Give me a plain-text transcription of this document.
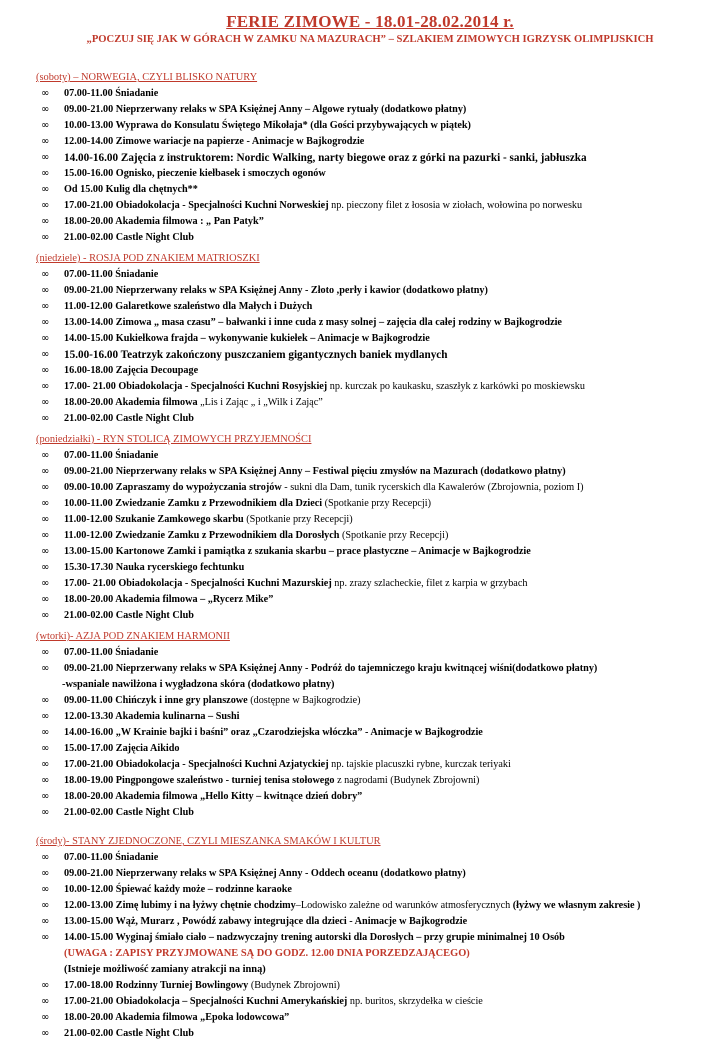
FERIE ZIMOWE - 18.01-28.02.2014 r.
„POCZUJ SIĘ JAK W GÓRACH W ZAMKU NA MAZURACH” – SZLAKIEM ZIMOWYCH IGRZYSK OLIMPIJSKICH
(soboty) – NORWEGIA, CZYLI BLISKO NATURY
∞ 07.00-11.00 Śniadanie
∞ 09.00-21.00 Nieprzerwany relaks w SPA Księżnej Anny – Algowe rytuały (dodatkowo płatny)
∞ 10.00-13.00 Wyprawa do Konsulatu Świętego Mikołaja* (dla Gości przybywających w piątek)
∞ 12.00-14.00 Zimowe wariacje na papierze - Animacje w Bajkogrodzie
∞ 14.00-16.00 Zajęcia z instruktorem: Nordic Walking, narty biegowe oraz z górki na pazurki - sanki, jabłuszka
∞ 15.00-16.00 Ognisko, pieczenie kiełbasek i smoczych ogonów
∞ Od 15.00 Kulig dla chętnych**
∞ 17.00-21.00 Obiadokolacja - Specjalności Kuchni Norweskiej np. pieczony filet z łososia w ziołach, wołowina po norwesku
∞ 18.00-20.00 Akademia filmowa : „ Pan Patyk”
∞ 21.00-02.00 Castle Night Club
(niedziele) - ROSJA POD ZNAKIEM MATRIOSZKI
∞ 07.00-11.00 Śniadanie
∞ 09.00-21.00 Nieprzerwany relaks w SPA Księżnej Anny - Złoto ,perły i kawior (dodatkowo płatny)
∞ 11.00-12.00 Galaretkowe szaleństwo dla Małych i Dużych
∞ 13.00-14.00 Zimowa „ masa czasu” – bałwanki i inne cuda z masy solnej – zajęcia dla całej rodziny w Bajkogrodzie
∞ 14.00-15.00 Kukiełkowa frajda – wykonywanie kukiełek – Animacje w Bajkogrodzie
∞ 15.00-16.00 Teatrzyk zakończony puszczaniem gigantycznych baniek mydlanych
∞ 16.00-18.00 Zajęcia Decoupage
∞ 17.00- 21.00 Obiadokolacja - Specjalności Kuchni Rosyjskiej np. kurczak po kaukasku, szaszłyk z karkówki po moskiewsku
∞ 18.00-20.00 Akademia filmowa „Lis i Zając „ i „Wilk i Zając”
∞ 21.00-02.00 Castle Night Club
(poniedziałki) - RYN STOLICĄ ZIMOWYCH PRZYJEMNOŚCI
∞ 07.00-11.00 Śniadanie
∞ 09.00-21.00 Nieprzerwany relaks w SPA Księżnej Anny – Festiwal pięciu zmysłów na Mazurach (dodatkowo płatny)
∞ 09.00-10.00 Zapraszamy do wypożyczania strojów - sukni dla Dam, tunik rycerskich dla Kawalerów (Zbrojownia, poziom I)
∞ 10.00-11.00 Zwiedzanie Zamku z Przewodnikiem dla Dzieci (Spotkanie przy Recepcji)
∞ 11.00-12.00 Szukanie Zamkowego skarbu (Spotkanie przy Recepcji)
∞ 11.00-12.00 Zwiedzanie Zamku z Przewodnikiem dla Dorosłych (Spotkanie przy Recepcji)
∞ 13.00-15.00 Kartonowe Zamki i pamiątka z szukania skarbu – prace plastyczne – Animacje w Bajkogrodzie
∞ 15.30-17.30 Nauka rycerskiego fechtunku
∞ 17.00- 21.00 Obiadokolacja - Specjalności Kuchni Mazurskiej np. zrazy szlacheckie, filet z karpia w grzybach
∞ 18.00-20.00 Akademia filmowa – „Rycerz Mike”
∞ 21.00-02.00 Castle Night Club
(wtorki)- AZJA POD ZNAKIEM HARMONII
∞ 07.00-11.00 Śniadanie
∞ 09.00-21.00 Nieprzerwany relaks w SPA Księżnej Anny - Podróż do tajemniczego kraju kwitnącej wiśni(dodatkowo płatny)
-wspaniale nawilżona i wygładzona skóra (dodatkowo płatny)
∞ 09.00-11.00 Chińczyk i inne gry planszowe (dostępne w Bajkogrodzie)
∞ 12.00-13.30 Akademia kulinarna – Sushi
∞ 14.00-16.00 „W Krainie bajki i baśni” oraz „Czarodziejska włóczka” - Animacje w Bajkogrodzie
∞ 15.00-17.00 Zajęcia Aikido
∞ 17.00-21.00 Obiadokolacja - Specjalności Kuchni Azjatyckiej np. tajskie placuszki rybne, kurczak teriyaki
∞ 18.00-19.00 Pingpongowe szaleństwo - turniej tenisa stołowego z nagrodami (Budynek Zbrojowni)
∞ 18.00-20.00 Akademia filmowa „Hello Kitty – kwitnące dzień dobry”
∞ 21.00-02.00 Castle Night Club
(środy)- STANY ZJEDNOCZONE, CZYLI MIESZANKA SMAKÓW I KULTUR
∞ 07.00-11.00 Śniadanie
∞ 09.00-21.00 Nieprzerwany relaks w SPA Księżnej Anny - Oddech oceanu (dodatkowo płatny)
∞ 10.00-12.00 Śpiewać każdy może – rodzinne karaoke
∞ 12.00-13.00 Zimę lubimy i na łyżwy chętnie chodzimy–Lodowisko zależne od warunków atmosferycznych (łyżwy we własnym zakresie )
∞ 13.00-15.00 Wąż, Murarz , Powódź zabawy integrujące dla dzieci - Animacje w Bajkogrodzie
∞ 14.00-15.00 Wyginaj śmiało ciało – nadzwyczajny trening autorski dla Dorosłych – przy grupie minimalnej 10 Osób
(UWAGA : ZAPISY PRZYJMOWANE SĄ DO GODZ. 12.00 DNIA PORZEDZAJĄCEGO)
(Istnieje możliwość zamiany atrakcji na inną)
∞ 17.00-18.00 Rodzinny Turniej Bowlingowy (Budynek Zbrojowni)
∞ 17.00-21.00 Obiadokolacja – Specjalności Kuchni Amerykańskiej np. buritos, skrzydełka w cieście
∞ 18.00-20.00 Akademia filmowa „Epoka lodowcowa”
∞ 21.00-02.00 Castle Night Club
